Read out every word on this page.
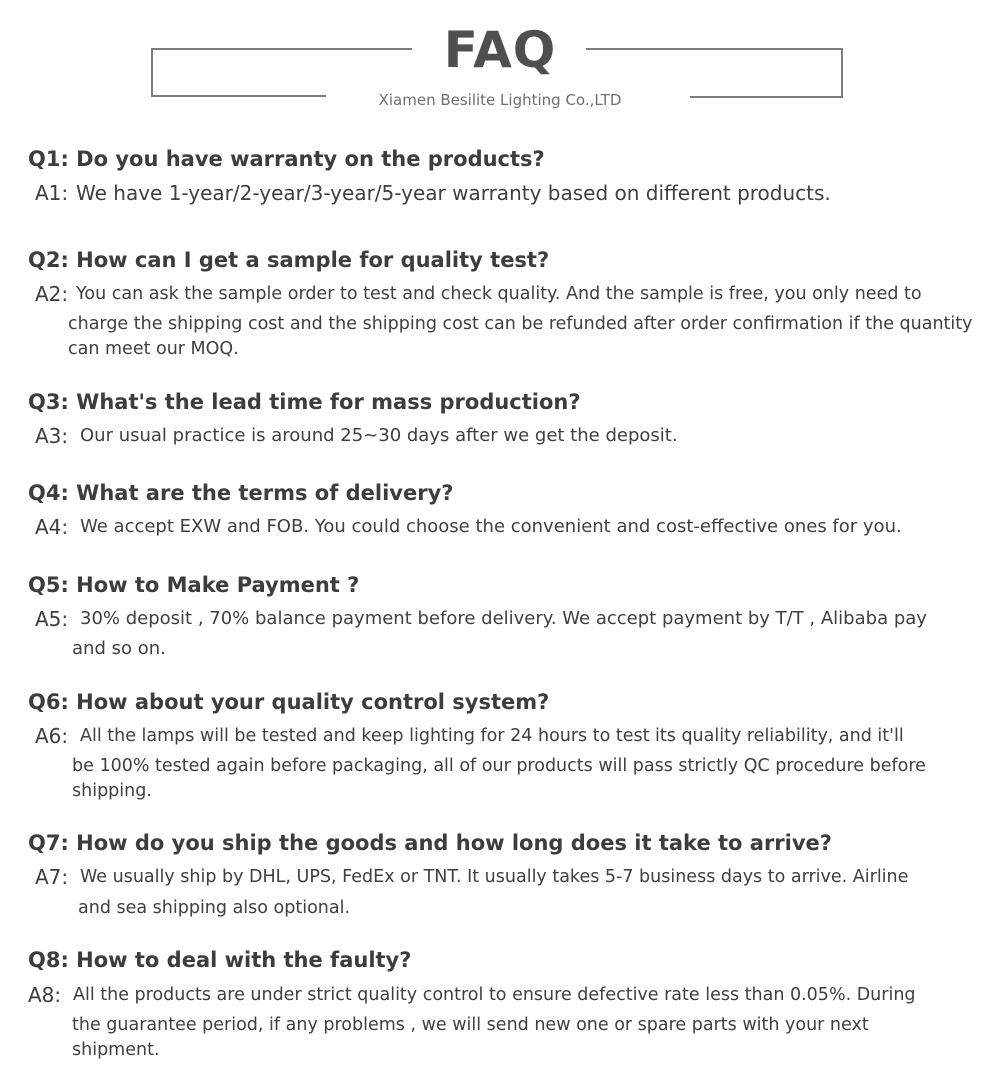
FAQ
Xiamen Besilite Lighting Co.,LTD
Q1: Do you have warranty on the products?
A1: We have 1-year/2-year/3-year/5-year warranty based on different products.
Q2: How can I get a sample for quality test?
A2: You can ask the sample order to test and check quality. And the sample is free, you only need to
charge the shipping cost and the shipping cost can be refunded after order confirmation if the quantity
can meet our MOQ.
Q3: What's the lead time for mass production?
A3: Our usual practice is around 25~30 days after we get the deposit.
Q4: What are the terms of delivery?
A4: We accept EXW and FOB. You could choose the convenient and cost-effective ones for you.
Q5: How to Make Payment ?
A5: 30% deposit , 70% balance payment before delivery. We accept payment by T/T , Alibaba pay
and so on.
Q6: How about your quality control system?
A6: All the lamps will be tested and keep lighting for 24 hours to test its quality reliability, and it'll
be 100% tested again before packaging, all of our products will pass strictly QC procedure before
shipping.
Q7: How do you ship the goods and how long does it take to arrive?
A7: We usually ship by DHL, UPS, FedEx or TNT. It usually takes 5-7 business days to arrive. Airline
and sea shipping also optional.
Q8: How to deal with the faulty?
A8: All the products are under strict quality control to ensure defective rate less than 0.05%. During
the guarantee period, if any problems , we will send new one or spare parts with your next
shipment.
